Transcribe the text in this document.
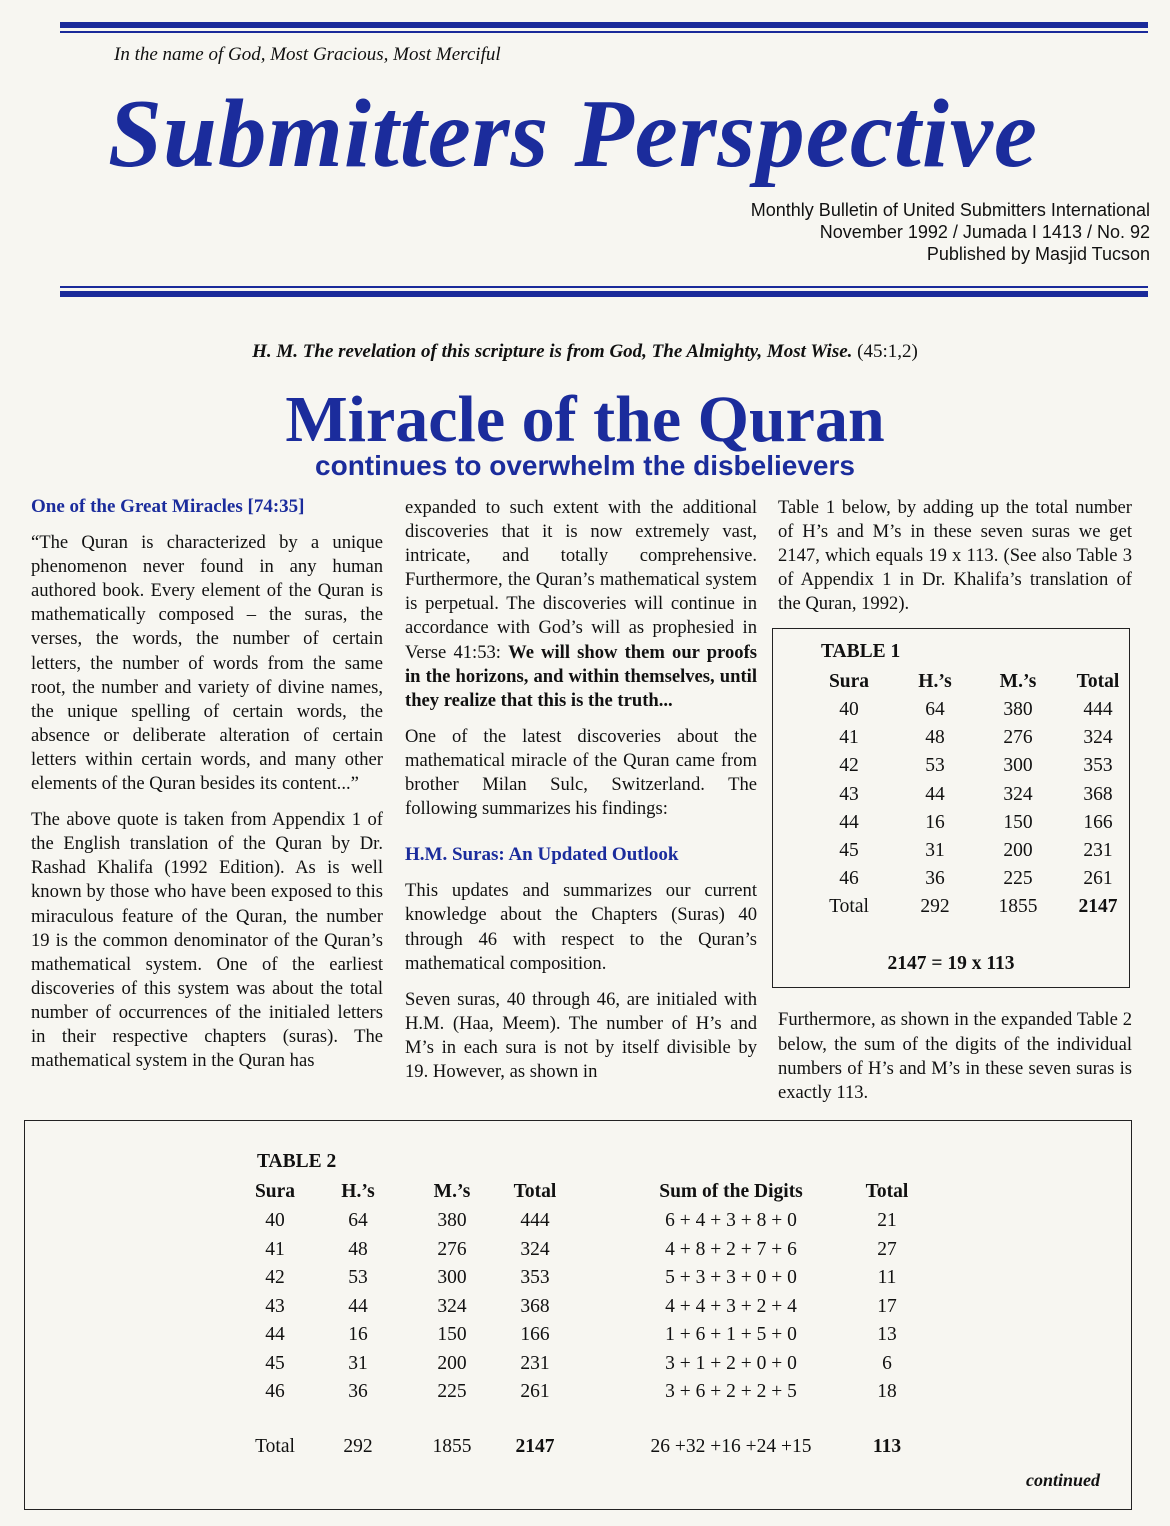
In the name of God, Most Gracious, Most Merciful
Submitters Perspective
Monthly Bulletin of United Submitters International
November 1992 / Jumada I 1413 / No. 92
Published by Masjid Tucson
H. M. The revelation of this scripture is from God, The Almighty, Most Wise. (45:1,2)
Miracle of the Quran
continues to overwhelm the disbelievers
One of the Great Miracles [74:35]

“The Quran is characterized by a unique phenomenon never found in any human authored book. Every element of the Quran is mathematically composed – the suras, the verses, the words, the number of certain letters, the number of words from the same root, the number and variety of divine names, the unique spelling of certain words, the absence or deliberate alteration of certain letters within certain words, and many other elements of the Quran besides its content...”

The above quote is taken from Appendix 1 of the English translation of the Quran by Dr. Rashad Khalifa (1992 Edition). As is well known by those who have been exposed to this miraculous feature of the Quran, the number 19 is the common denominator of the Quran’s mathematical system. One of the earliest discoveries of this system was about the total number of occurrences of the initialed letters in their respective chapters (suras). The mathematical system in the Quran has

expanded to such extent with the additional discoveries that it is now extremely vast, intricate, and totally comprehensive. Furthermore, the Quran’s mathematical system is perpetual. The discoveries will continue in accordance with God’s will as prophesied in Verse 41:53: We will show them our proofs in the horizons, and within themselves, until they realize that this is the truth...

One of the latest discoveries about the mathematical miracle of the Quran came from brother Milan Sulc, Switzerland. The following summarizes his findings:

H.M. Suras: An Updated Outlook

This updates and summarizes our current knowledge about the Chapters (Suras) 40 through 46 with respect to the Quran’s mathematical composition.

Seven suras, 40 through 46, are initialed with H.M. (Haa, Meem). The number of H’s and M’s in each sura is not by itself divisible by 19. However, as shown in

Table 1 below, by adding up the total number of H’s and M’s in these seven suras we get 2147, which equals 19 x 113. (See also Table 3 of Appendix 1 in Dr. Khalifa’s translation of the Quran, 1992).

Furthermore, as shown in the expanded Table 2 below, the sum of the digits of the individual numbers of H’s and M’s in these seven suras is exactly 113.

TABLE 1
Sura	H.’s M.’s Total
40	64	380	444
41	48	276	324
42	53	300	353
43	44	324	368
44	16	150	166
45	31	200	231
46	36	225	261
Total	292	1855 2147
2147 = 19 x 113
TABLE 2
Sura H.’s	M.’s Total	Sum of the Digits	Total
40	64	380	444	6 + 4 + 3 + 8 + 0	21
41	48	276	324	4 + 8 + 2 + 7 + 6	27
42	53	300	353	5 + 3 + 3 + 0 + 0	11
43	44	324	368	4 + 4 + 3 + 2 + 4	17
44	16	150	166	1 + 6 + 1 + 5 + 0	13
45	31	200	231	3 + 1 + 2 + 0 + 0	6
46	36	225	261	3 + 6 + 2 + 2 + 5	18
Total 292	1855 2147	26 +32 +16 +24 +15	113
continued
